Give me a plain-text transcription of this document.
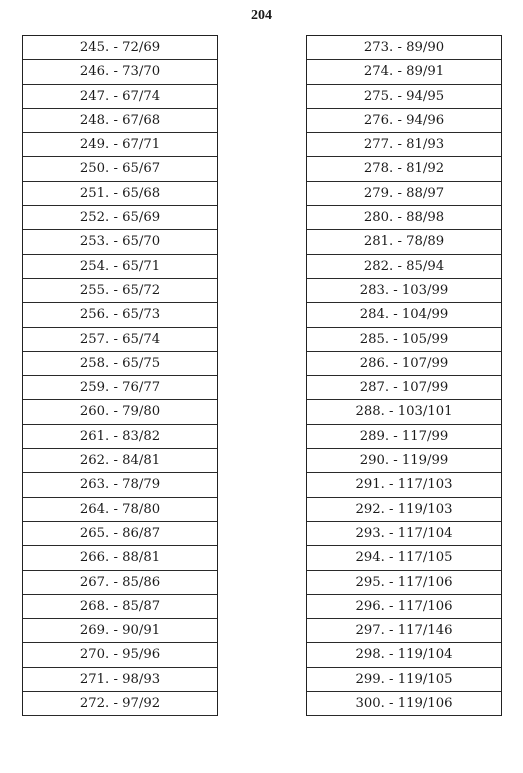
204
245. - 72/69
246. - 73/70
247. - 67/74
248. - 67/68
249. - 67/71
250. - 65/67
251. - 65/68
252. - 65/69
253. - 65/70
254. - 65/71
255. - 65/72
256. - 65/73
257. - 65/74
258. - 65/75
259. - 76/77
260. - 79/80
261. - 83/82
262. - 84/81
263. - 78/79
264. - 78/80
265. - 86/87
266. - 88/81
267. - 85/86
268. - 85/87
269. - 90/91
270. - 95/96
271. - 98/93
272. - 97/92
273. - 89/90
274. - 89/91
275. - 94/95
276. - 94/96
277. - 81/93
278. - 81/92
279. - 88/97
280. - 88/98
281. - 78/89
282. - 85/94
283. - 103/99
284. - 104/99
285. - 105/99
286. - 107/99
287. - 107/99
288. - 103/101
289. - 117/99
290. - 119/99
291. - 117/103
292. - 119/103
293. - 117/104
294. - 117/105
295. - 117/106
296. - 117/106
297. - 117/146
298. - 119/104
299. - 119/105
300. - 119/106
